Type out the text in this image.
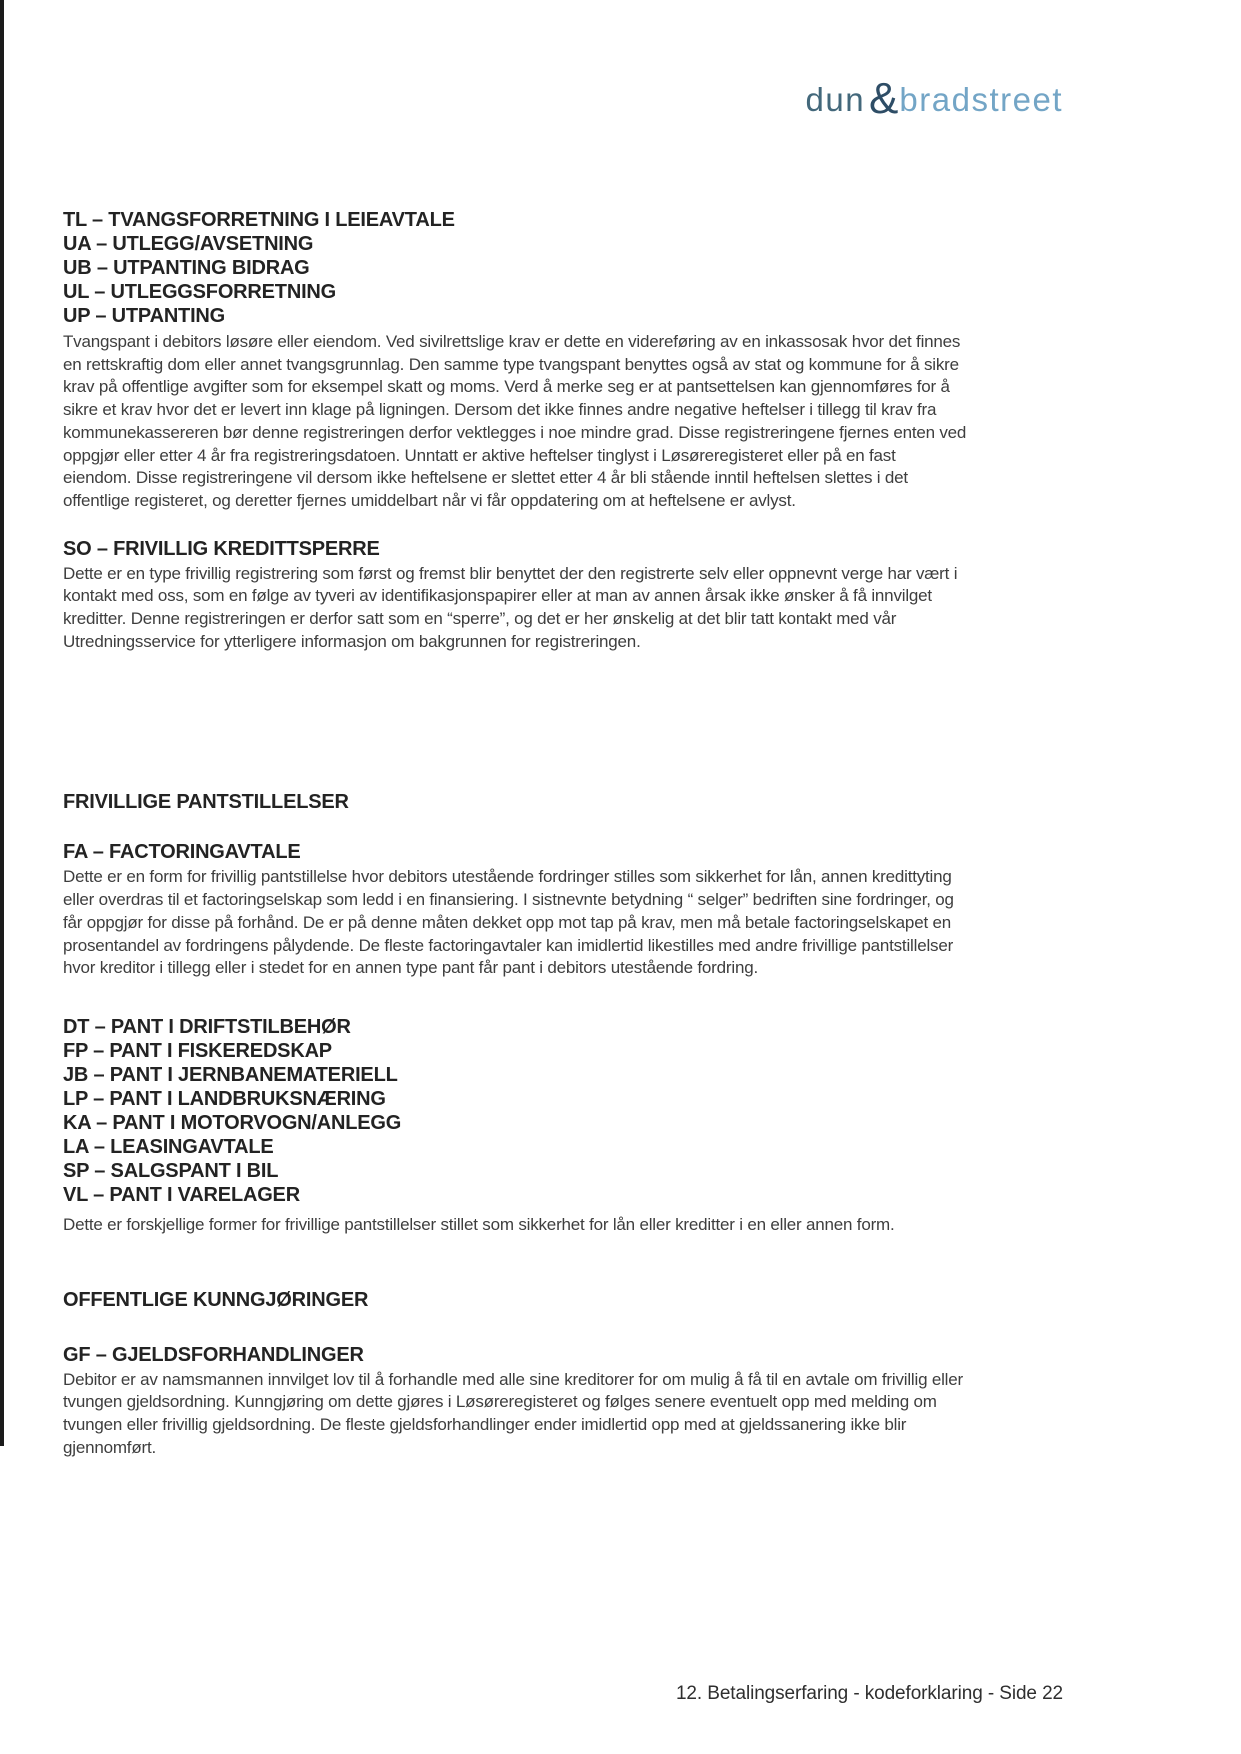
dun & bradstreet
TL – TVANGSFORRETNING I LEIEAVTALE
UA – UTLEGG/AVSETNING
UB – UTPANTING BIDRAG
UL – UTLEGGSFORRETNING
UP – UTPANTING

Tvangspant i debitors løsøre eller eiendom. Ved sivilrettslige krav er dette en videreføring av en inkassosak hvor det finnes en rettskraftig dom eller annet tvangsgrunnlag. Den samme type tvangspant benyttes også av stat og kommune for å sikre krav på offentlige avgifter som for eksempel skatt og moms. Verd å merke seg er at pantsettelsen kan gjennomføres for å sikre et krav hvor det er levert inn klage på ligningen. Dersom det ikke finnes andre negative heftelser i tillegg til krav fra kommunekassereren bør denne registreringen derfor vektlegges i noe mindre grad. Disse registreringene fjernes enten ved oppgjør eller etter 4 år fra registreringsdatoen. Unntatt er aktive heftelser tinglyst i Løsøreregisteret eller på en fast eiendom. Disse registreringene vil dersom ikke heftelsene er slettet etter 4 år bli stående inntil heftelsen slettes i det offentlige registeret, og deretter fjernes umiddelbart når vi får oppdatering om at heftelsene er avlyst.

SO – FRIVILLIG KREDITTSPERRE

Dette er en type frivillig registrering som først og fremst blir benyttet der den registrerte selv eller oppnevnt verge har vært i kontakt med oss, som en følge av tyveri av identifikasjonspapirer eller at man av annen årsak ikke ønsker å få innvilget kreditter. Denne registreringen er derfor satt som en “sperre”, og det er her ønskelig at det blir tatt kontakt med vår Utredningsservice for ytterligere informasjon om bakgrunnen for registreringen.

FRIVILLIGE PANTSTILLELSER
FA – FACTORINGAVTALE

Dette er en form for frivillig pantstillelse hvor debitors utestående fordringer stilles som sikkerhet for lån, annen kredittyting eller overdras til et factoringselskap som ledd i en finansiering. I sistnevnte betydning “ selger” bedriften sine fordringer, og får oppgjør for disse på forhånd. De er på denne måten dekket opp mot tap på krav, men må betale factoringselskapet en prosentandel av fordringens pålydende. De fleste factoringavtaler kan imidlertid likestilles med andre frivillige pantstillelser hvor kreditor i tillegg eller i stedet for en annen type pant får pant i debitors utestående fordring.

DT – PANT I DRIFTSTILBEHØR
FP – PANT I FISKEREDSKAP
JB – PANT I JERNBANEMATERIELL
LP – PANT I LANDBRUKSNÆRING
KA – PANT I MOTORVOGN/ANLEGG
LA – LEASINGAVTALE
SP – SALGSPANT I BIL
VL – PANT I VARELAGER

Dette er forskjellige former for frivillige pantstillelser stillet som sikkerhet for lån eller kreditter i en eller annen form.

OFFENTLIGE KUNNGJØRINGER
GF – GJELDSFORHANDLINGER

Debitor er av namsmannen innvilget lov til å forhandle med alle sine kreditorer for om mulig å få til en avtale om frivillig eller tvungen gjeldsordning. Kunngjøring om dette gjøres i Løsøreregisteret og følges senere eventuelt opp med melding om tvungen eller frivillig gjeldsordning. De fleste gjeldsforhandlinger ender imidlertid opp med at gjeldssanering ikke blir gjennomført.

12. Betalingserfaring - kodeforklaring - Side 22
